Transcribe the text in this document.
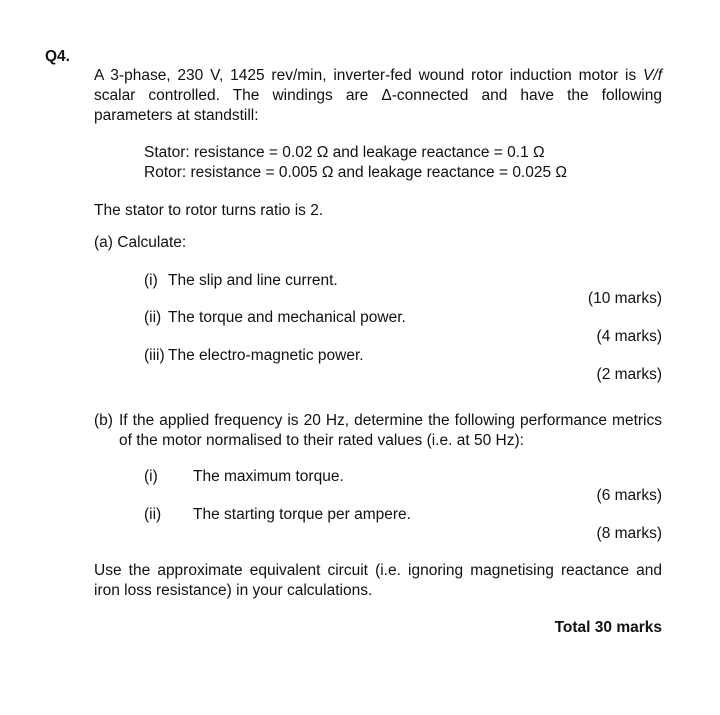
Q4.
A 3-phase, 230 V, 1425 rev/min, inverter-fed wound rotor induction motor is V/f scalar controlled. The windings are Δ-connected and have the following parameters at standstill:
Stator: resistance = 0.02 Ω and leakage reactance = 0.1 Ω
Rotor: resistance = 0.005 Ω and leakage reactance = 0.025 Ω
The stator to rotor turns ratio is 2.
(a) Calculate:
(i) The slip and line current.
(10 marks)
(ii) The torque and mechanical power.
(4 marks)
(iii) The electro-magnetic power.
(2 marks)
(b) If the applied frequency is 20 Hz, determine the following performance metrics of the motor normalised to their rated values (i.e. at 50 Hz):
(i) The maximum torque.
(6 marks)
(ii) The starting torque per ampere.
(8 marks)
Use the approximate equivalent circuit (i.e. ignoring magnetising reactance and iron loss resistance) in your calculations.
Total 30 marks
